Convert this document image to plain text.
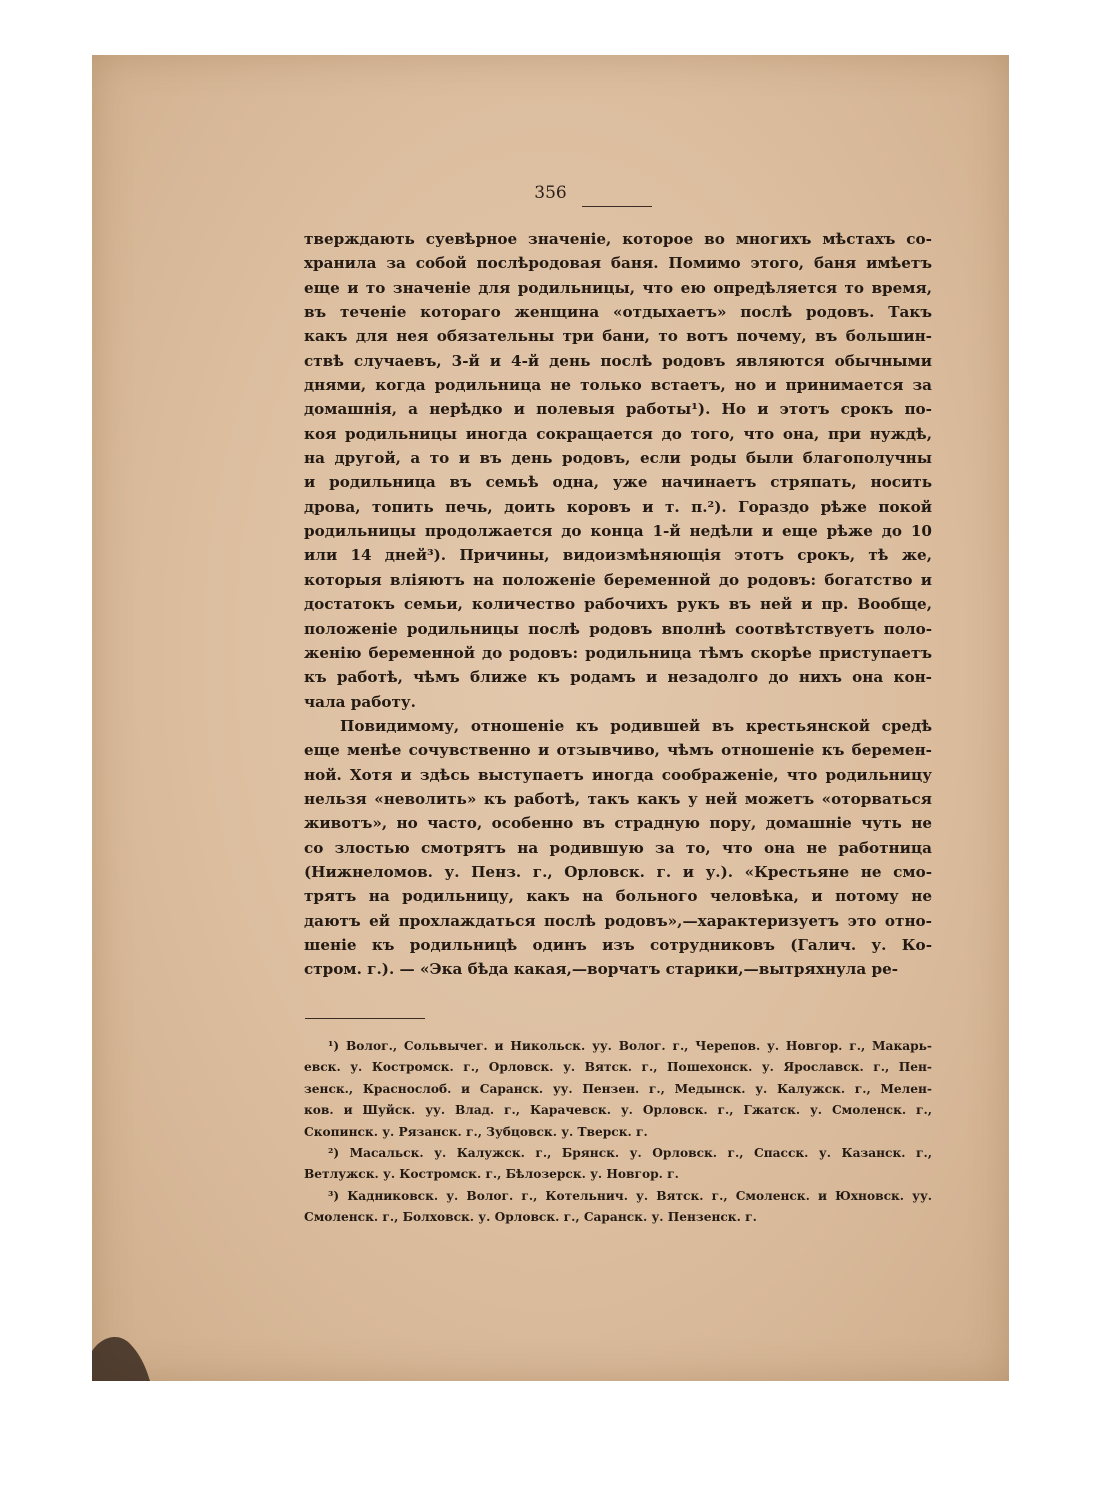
356
тверждають суевѣрное значеніе, которое во многихъ мѣстахъ со-
хранила за собой послѣродовая баня. Помимо этого, баня имѣетъ
еще и то значеніе для родильницы, что ею опредѣляется то время,
въ теченіе котораго женщина «отдыхаетъ» послѣ родовъ. Такъ
какъ для нея обязательны три бани, то вотъ почему, въ большин-
ствѣ случаевъ, 3-й и 4-й день послѣ родовъ являются обычными
днями, когда родильница не только встаетъ, но и принимается за
домашнія, а нерѣдко и полевыя работы¹). Но и этотъ срокъ по-
коя родильницы иногда сокращается до того, что она, при нуждѣ,
на другой, а то и въ день родовъ, если роды были благополучны
и родильница въ семьѣ одна, уже начинаетъ стряпать, носить
дрова, топить печь, доить коровъ и т. п.²). Гораздо рѣже покой
родильницы продолжается до конца 1-й недѣли и еще рѣже до 10
или 14 дней³). Причины, видоизмѣняющія этотъ срокъ, тѣ же,
которыя вліяютъ на положеніе беременной до родовъ: богатство и
достатокъ семьи, количество рабочихъ рукъ въ ней и пр. Вообще,
положеніе родильницы послѣ родовъ вполнѣ соотвѣтствуетъ поло-
женію беременной до родовъ: родильница тѣмъ скорѣе приступаетъ
къ работѣ, чѣмъ ближе къ родамъ и незадолго до нихъ она кон-
чала работу.
Повидимому, отношеніе къ родившей въ крестьянской средѣ
еще менѣе сочувственно и отзывчиво, чѣмъ отношеніе къ беремен-
ной. Хотя и здѣсь выступаетъ иногда соображеніе, что родильницу
нельзя «неволить» къ работѣ, такъ какъ у ней можетъ «оторваться
животъ», но часто, особенно въ страдную пору, домашніе чуть не
со злостью смотрятъ на родившую за то, что она не работница
(Нижнеломов. у. Пенз. г., Орловск. г. и у.). «Крестьяне не смо-
трятъ на родильницу, какъ на больного человѣка, и потому не
даютъ ей прохлаждаться послѣ родовъ»,—характеризуетъ это отно-
шеніе къ родильницѣ одинъ изъ сотрудниковъ (Галич. у. Ко-
стром. г.). — «Эка бѣда какая,—ворчатъ старики,—вытряхнула ре-
¹) Волог., Сольвычег. и Никольск. уу. Волог. г., Черепов. у. Новгор. г., Макарь-
евск. у. Костромск. г., Орловск. у. Вятск. г., Пошехонск. у. Ярославск. г., Пен-
зенск., Краснослоб. и Саранск. уу. Пензен. г., Медынск. у. Калужск. г., Мелен-
ков. и Шуйск. уу. Влад. г., Карачевск. у. Орловск. г., Гжатск. у. Смоленск. г.,
Скопинск. у. Рязанск. г., Зубцовск. у. Тверск. г.
²) Масальск. у. Калужск. г., Брянск. у. Орловск. г., Спасск. у. Казанск. г.,
Ветлужск. у. Костромск. г., Бѣлозерск. у. Новгор. г.
³) Кадниковск. у. Волог. г., Котельнич. у. Вятск. г., Смоленск. и Юхновск. уу.
Смоленск. г., Болховск. у. Орловск. г., Саранск. у. Пензенск. г.
